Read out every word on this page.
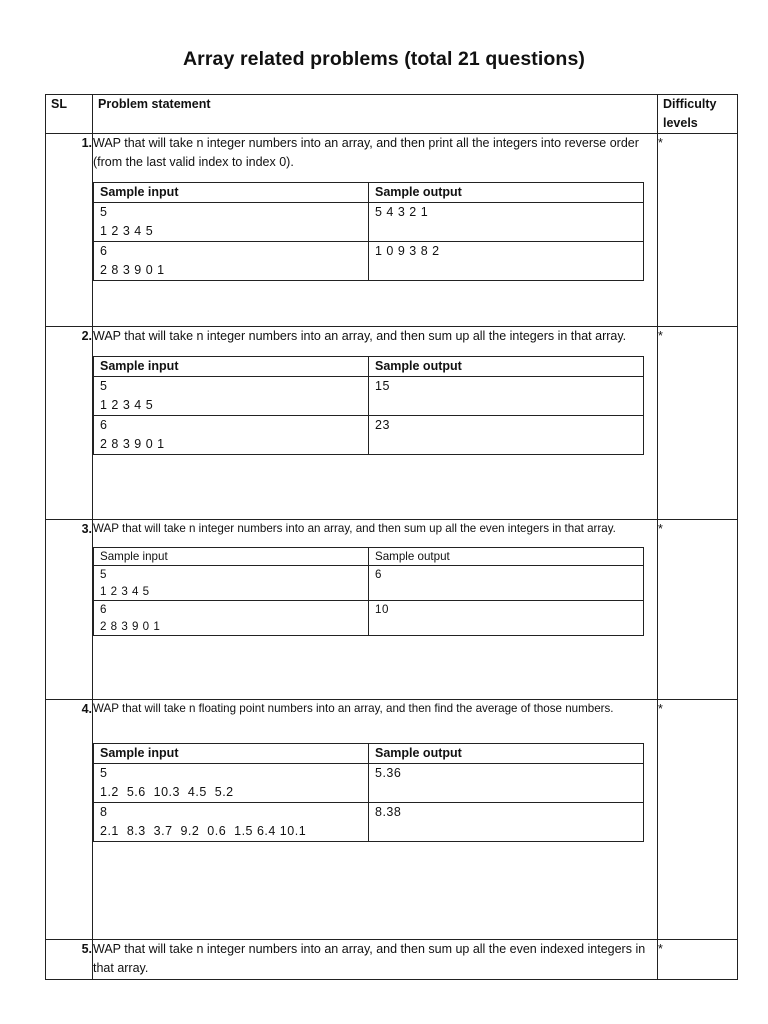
Array related problems (total 21 questions)
SL	Problem statement	Difficulty levels
1.	WAP that will take n integer numbers into an array, and then print all the integers into reverse order (from the last valid index to index 0).
Sample input	Sample output

5
1 2 3 4 5
	5 4 3 2 1

6
2 8 3 9 0 1
	1 0 9 3 8 2
	*
2.	WAP that will take n integer numbers into an array, and then sum up all the integers in that array.
Sample input	Sample output

5
1 2 3 4 5
	15

6
2 8 3 9 0 1
	23
	*
3.	WAP that will take n integer numbers into an array, and then sum up all the even integers in that array.
Sample input	Sample output

5
1 2 3 4 5
	6

6
2 8 3 9 0 1
	10
	*
4.	WAP that will take n floating point numbers into an array, and then find the average of those numbers.
Sample input	Sample output

5
1.2  5.6  10.3  4.5  5.2
	5.36

8
2.1  8.3  3.7  9.2  0.6  1.5 6.4 10.1
	8.38
	*
5.	WAP that will take n integer numbers into an array, and then sum up all the even indexed integers in that array.
	*
